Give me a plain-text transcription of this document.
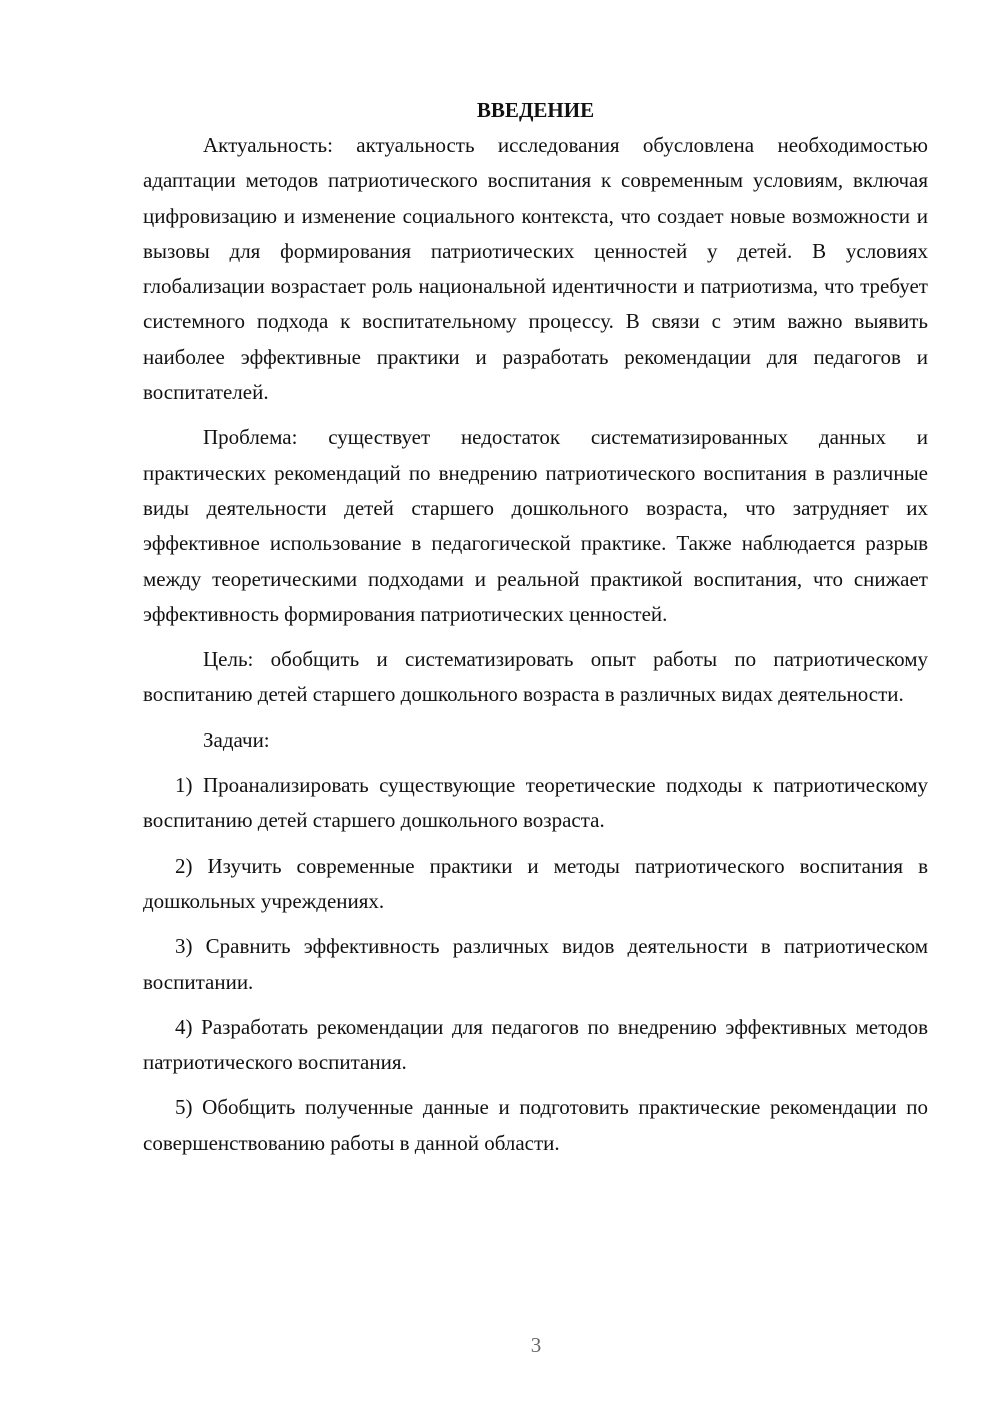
ВВЕДЕНИЕ

Актуальность: актуальность исследования обусловлена необходимостью адаптации методов патриотического воспитания к современным условиям, включая цифровизацию и изменение социального контекста, что создает новые возможности и вызовы для формирования патриотических ценностей у детей. В условиях глобализации возрастает роль национальной идентичности и патриотизма, что требует системного подхода к воспитательному процессу. В связи с этим важно выявить наиболее эффективные практики и разработать рекомендации для педагогов и воспитателей.

Проблема: существует недостаток систематизированных данных и практических рекомендаций по внедрению патриотического воспитания в различные виды деятельности детей старшего дошкольного возраста, что затрудняет их эффективное использование в педагогической практике. Также наблюдается разрыв между теоретическими подходами и реальной практикой воспитания, что снижает эффективность формирования патриотических ценностей.

Цель: обобщить и систематизировать опыт работы по патриотическому воспитанию детей старшего дошкольного возраста в различных видах деятельности.

Задачи:

1) Проанализировать существующие теоретические подходы к патриотическому воспитанию детей старшего дошкольного возраста.

2) Изучить современные практики и методы патриотического воспитания в дошкольных учреждениях.

3) Сравнить эффективность различных видов деятельности в патриотическом воспитании.

4) Разработать рекомендации для педагогов по внедрению эффективных методов патриотического воспитания.

5) Обобщить полученные данные и подготовить практические рекомендации по совершенствованию работы в данной области.

3
